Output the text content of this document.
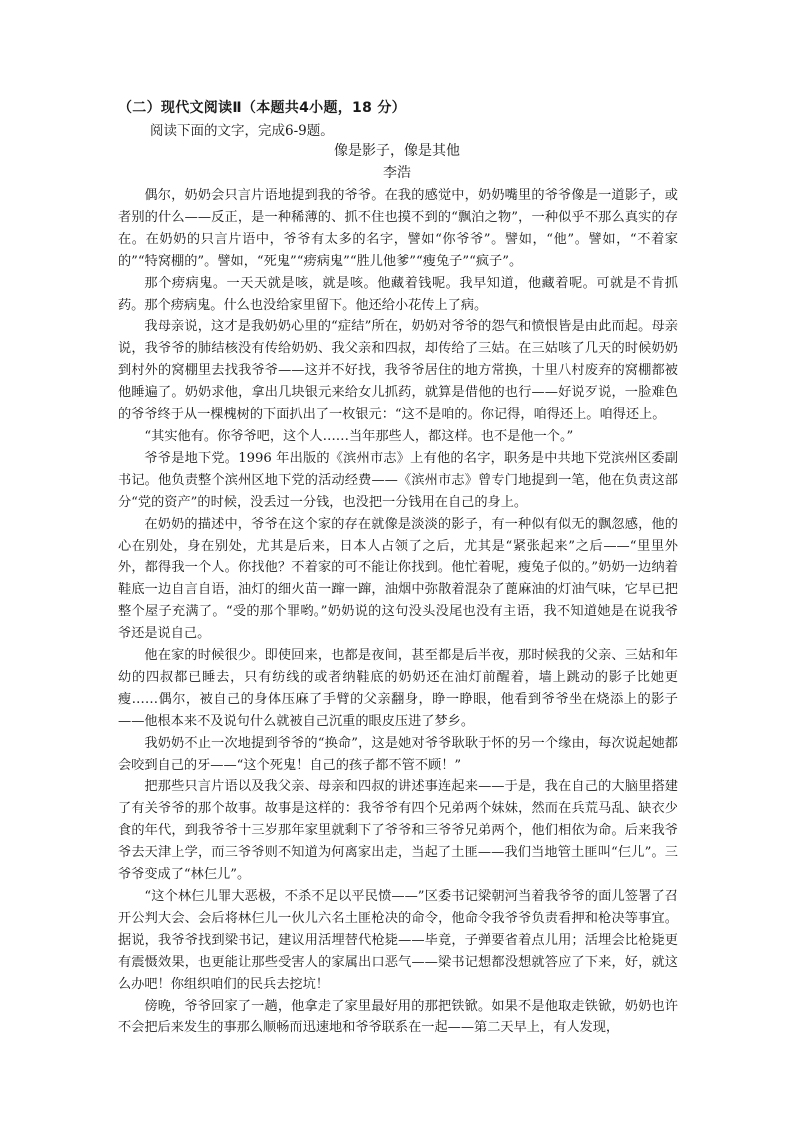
（二）现代文阅读Ⅱ（本题共4小题，18 分）
阅读下面的文字，完成6-9题。
像是影子，像是其他
李浩

偶尔，奶奶会只言片语地提到我的爷爷。在我的感觉中，奶奶嘴里的爷爷像是一道影子，或者别的什么——反正，是一种稀薄的、抓不住也摸不到的“飘泊之物”，一种似乎不那么真实的存在。在奶奶的只言片语中，爷爷有太多的名字，譬如“你爷爷”。譬如，“他”。譬如，“不着家的”“特窝棚的”。譬如，“死鬼”“痨病鬼”“胜儿他爹”“瘦兔子”“疯子”。

那个痨病鬼。一天天就是咳，就是咳。他藏着钱呢。我早知道，他藏着呢。可就是不肯抓药。那个痨病鬼。什么也没给家里留下。他还给小花传上了病。

我母亲说，这才是我奶奶心里的“症结”所在，奶奶对爷爷的怨气和愤恨皆是由此而起。母亲说，我爷爷的肺结核没有传给奶奶、我父亲和四叔，却传给了三姑。在三姑咳了几天的时候奶奶到村外的窝棚里去找我爷爷——这并不好找，我爷爷居住的地方常换，十里八村废弃的窝棚都被他睡遍了。奶奶求他，拿出几块银元来给女儿抓药，就算是借他的也行——好说歹说，一脸难色的爷爷终于从一棵槐树的下面扒出了一枚银元：“这不是咱的。你记得，咱得还上。咱得还上。

“其实他有。你爷爷吧，这个人……当年那些人，都这样。也不是他一个。”

爷爷是地下党。1996 年出版的《滨州市志》上有他的名字，职务是中共地下党滨州区委副书记。他负责整个滨州区地下党的活动经费——《滨州市志》曾专门地提到一笔，他在负责这部分“党的资产”的时候，没丢过一分钱，也没把一分钱用在自己的身上。

在奶奶的描述中，爷爷在这个家的存在就像是淡淡的影子，有一种似有似无的飘忽感，他的心在别处，身在别处，尤其是后来，日本人占领了之后，尤其是“紧张起来”之后——“里里外外，都得我一个人。你找他？不着家的可不能让你找到。他忙着呢，瘦兔子似的。”奶奶一边纳着鞋底一边自言自语，油灯的细火苗一蹿一蹿，油烟中弥散着混杂了蓖麻油的灯油气味，它早已把整个屋子充满了。“受的那个罪哟。”奶奶说的这句没头没尾也没有主语，我不知道她是在说我爷爷还是说自己。

他在家的时候很少。即使回来，也都是夜间，甚至都是后半夜，那时候我的父亲、三姑和年幼的四叔都已睡去，只有纺线的或者纳鞋底的奶奶还在油灯前醒着，墙上跳动的影子比她更瘦……偶尔，被自己的身体压麻了手臂的父亲翻身，睁一睁眼，他看到爷爷坐在烧添上的影子——他根本来不及说句什么就被自己沉重的眼皮压进了梦乡。

我奶奶不止一次地提到爷爷的“换命”，这是她对爷爷耿耿于怀的另一个缘由，每次说起她都会咬到自己的牙——“这个死鬼！自己的孩子都不管不顾！”

把那些只言片语以及我父亲、母亲和四叔的讲述事连起来——于是，我在自己的大脑里搭建了有关爷爷的那个故事。故事是这样的：我爷爷有四个兄弟两个妹妹，然而在兵荒马乱、缺衣少食的年代，到我爷爷十三岁那年家里就剩下了爷爷和三爷爷兄弟两个，他们相依为命。后来我爷爷去天津上学，而三爷爷则不知道为何离家出走，当起了土匪——我们当地管土匪叫“仨儿”。三爷爷变成了“林仨儿”。

“这个林仨儿罪大恶极，不杀不足以平民愤——”区委书记梁朝河当着我爷爷的面儿签署了召开公判大会、会后将林仨儿一伙儿六名土匪枪决的命令，他命令我爷爷负责看押和枪决等事宜。据说，我爷爷找到梁书记，建议用活埋替代枪毙——毕竟，子弹要省着点儿用；活埋会比枪毙更有震慑效果，也更能让那些受害人的家属出口恶气——梁书记想都没想就答应了下来，好，就这么办吧！你组织咱们的民兵去挖坑！

傍晚，爷爷回家了一趟，他拿走了家里最好用的那把铁锨。如果不是他取走铁锨，奶奶也许不会把后来发生的事那么顺畅而迅速地和爷爷联系在一起——第二天早上，有人发现，
